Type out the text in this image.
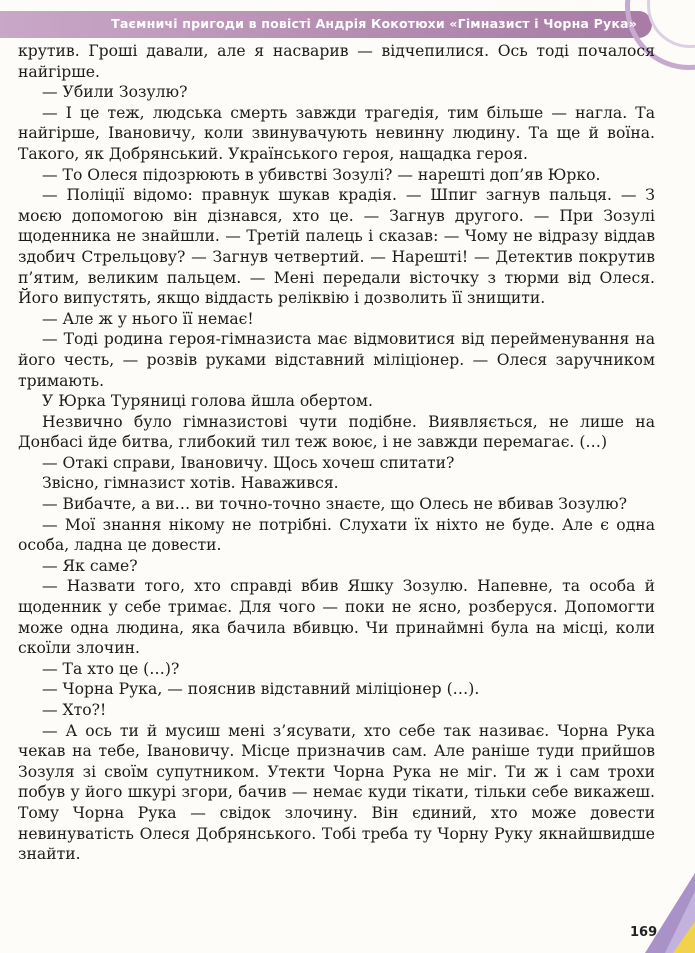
Таємничі пригоди в повісті Андрія Кокотюхи «Гімназист і Чорна Рука»

крутив. Гроші давали, але я насварив — відчепилися. Ось тоді почалося найгірше.

— Убили Зозулю?

— І це теж, людська смерть завжди трагедія, тим більше — нагла. Та найгірше, Івановичу, коли звинувачують невинну людину. Та ще й воїна. Такого, як Добрянський. Українського героя, нащадка героя.

— То Олеся підозрюють в убивстві Зозулі? — нарешті доп’яв Юрко.

— Поліції відомо: правнук шукав крадія. — Шпиг загнув пальця. — З моєю допомогою він дізнався, хто це. — Загнув другого. — При Зозулі щоденника не знайшли. — Третій палець і сказав: — Чому не відразу віддав здобич Стрельцову? — Загнув четвертий. — Нарешті! — Детектив покрутив п’ятим, великим пальцем. — Мені передали вісточку з тюрми від Олеся. Його випустять, якщо віддасть реліквію і дозволить її знищити.

— Але ж у нього її немає!

— Тоді родина героя-гімназиста має відмовитися від перейменування на його честь, — розвів руками відставний міліціонер. — Олеся заручником тримають.

У Юрка Туряниці голова йшла обертом.

Незвично було гімназистові чути подібне. Виявляється, не лише на Донбасі йде битва, глибокий тил теж воює, і не завжди перемагає. (…)

— Отакі справи, Івановичу. Щось хочеш спитати?

Звісно, гімназист хотів. Наважився.

— Вибачте, а ви… ви точно-точно знаєте, що Олесь не вбивав Зозулю?

— Мої знання нікому не потрібні. Слухати їх ніхто не буде. Але є одна особа, ладна це довести.

— Як саме?

— Назвати того, хто справді вбив Яшку Зозулю. Напевне, та особа й щоденник у себе тримає. Для чого — поки не ясно, розберуся. Допомогти може одна людина, яка бачила вбивцю. Чи принаймні була на місці, коли скоїли злочин.

— Та хто це (…)?

— Чорна Рука, — пояснив відставний міліціонер (…).

— Хто?!

— А ось ти й мусиш мені з’ясувати, хто себе так називає. Чорна Рука чекав на тебе, Івановичу. Місце призначив сам. Але раніше туди прийшов Зозуля зі своїм супутником. Утекти Чорна Рука не міг. Ти ж і сам трохи побув у його шкурі згори, бачив — немає куди тікати, тільки себе викажеш. Тому Чорна Рука — свідок злочину. Він єдиний, хто може довести невинуватість Олеся Добрянського. Тобі треба ту Чорну Руку якнайшвидше знайти.

169
